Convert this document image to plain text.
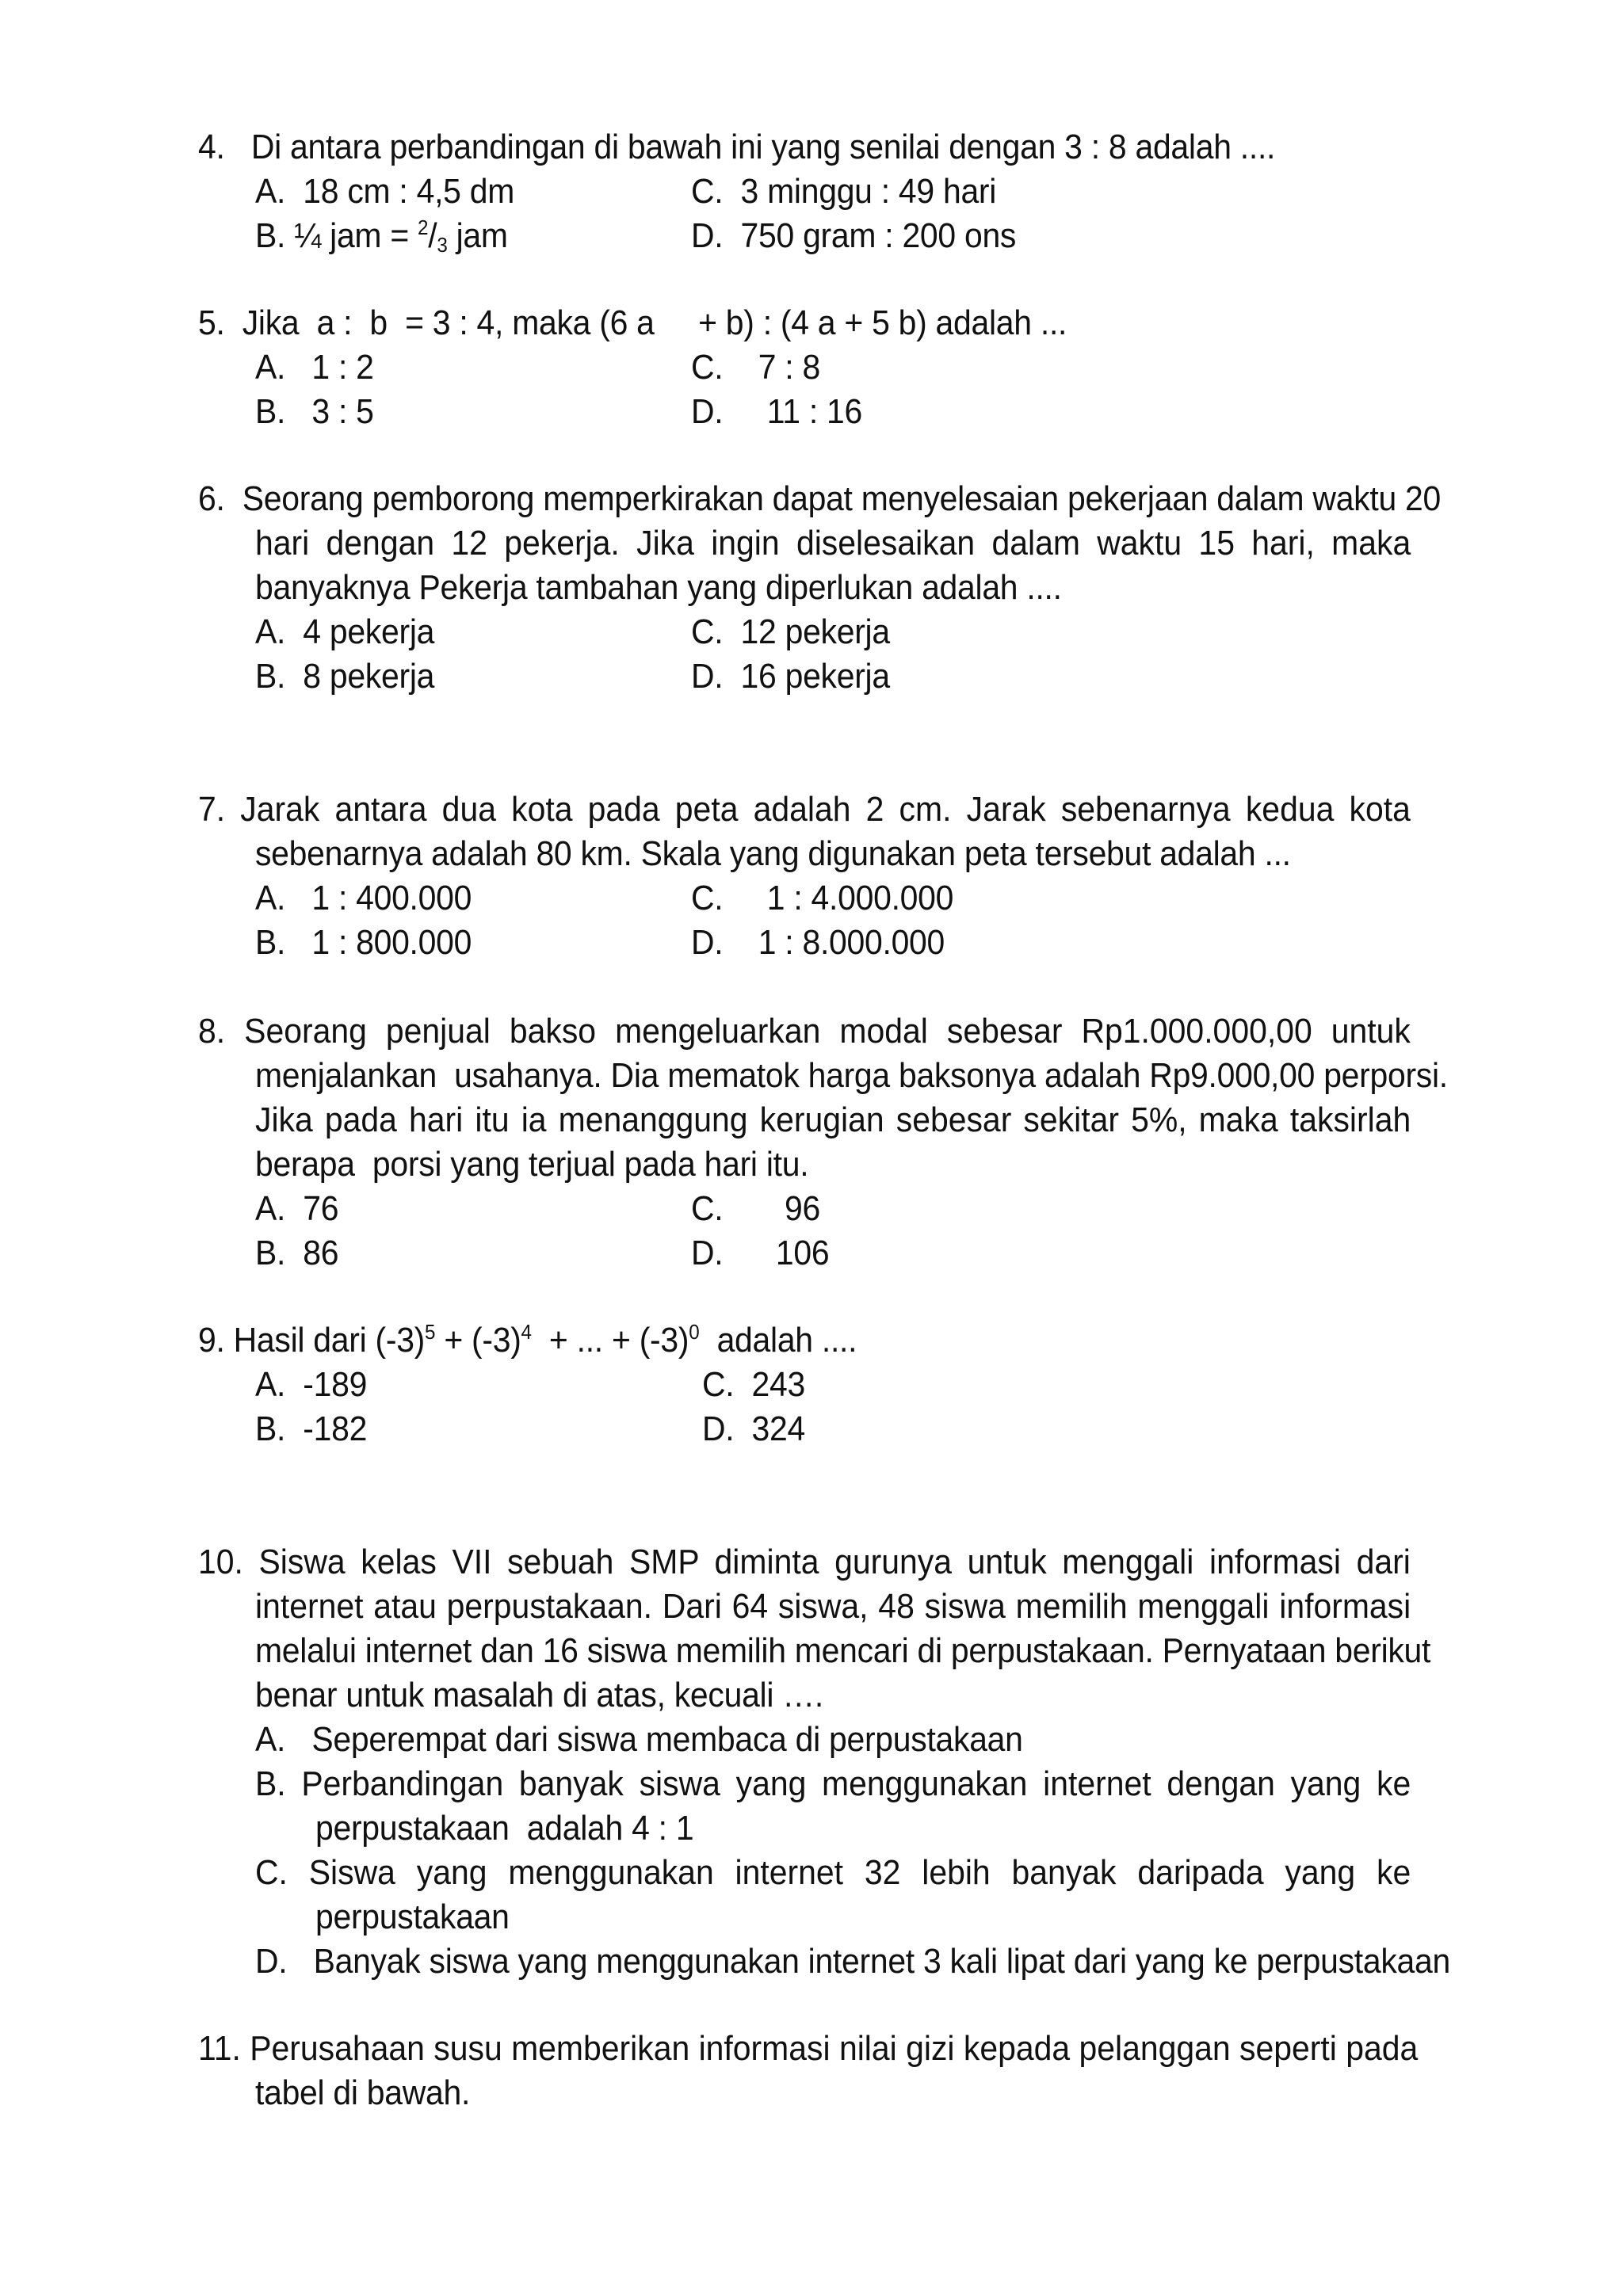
4.   Di antara perbandingan di bawah ini yang senilai dengan 3 : 8 adalah ....
A.  18 cm : 4,5 dm	C.  3 minggu : 49 hari
B. ¼ jam = $^2/_3$ jam	D.  750 gram : 200 ons
5.  Jika  a :  b  = 3 : 4, maka (6 a     + b) : (4 a + 5 b) adalah ...
A.   1 : 2	C.    7 : 8
B.   3 : 5	D.     11 : 16
6.  Seorang pemborong memperkirakan dapat menyelesaian pekerjaan dalam waktu 20
hari dengan 12 pekerja. Jika ingin diselesaikan dalam waktu 15 hari, maka
banyaknya Pekerja tambahan yang diperlukan adalah ....
A.  4 pekerja	C.  12 pekerja
B.  8 pekerja	D.  16 pekerja
7. Jarak antara dua kota pada peta adalah 2 cm. Jarak sebenarnya kedua kota
sebenarnya adalah 80 km. Skala yang digunakan peta tersebut adalah ...
A.   1 : 400.000	C.     1 : 4.000.000
B.   1 : 800.000	D.    1 : 8.000.000
8. Seorang penjual bakso mengeluarkan modal sebesar Rp1.000.000,00 untuk
menjalankan  usahanya. Dia mematok harga baksonya adalah Rp9.000,00 perporsi.
Jika pada hari itu ia menanggung kerugian sebesar sekitar 5%, maka taksirlah
berapa  porsi yang terjual pada hari itu.
A.  76	C.       96
B.  86	D.      106
9. Hasil dari $(-3)^5 + (-3)^4$  + ... + $(-3)^0$  adalah ....
A.  -189	C.  243
B.  -182	D.  324
10. Siswa kelas VII sebuah SMP diminta gurunya untuk menggali informasi dari
internet atau perpustakaan. Dari 64 siswa, 48 siswa memilih menggali informasi
melalui internet dan 16 siswa memilih mencari di perpustakaan. Pernyataan berikut
benar untuk masalah di atas, kecuali ….
A.   Seperempat dari siswa membaca di perpustakaan
B. Perbandingan banyak siswa yang menggunakan internet dengan yang ke
perpustakaan  adalah 4 : 1
C. Siswa yang menggunakan internet 32 lebih banyak daripada yang ke
perpustakaan
D.   Banyak siswa yang menggunakan internet 3 kali lipat dari yang ke perpustakaan
11. Perusahaan susu memberikan informasi nilai gizi kepada pelanggan seperti pada
tabel di bawah.
